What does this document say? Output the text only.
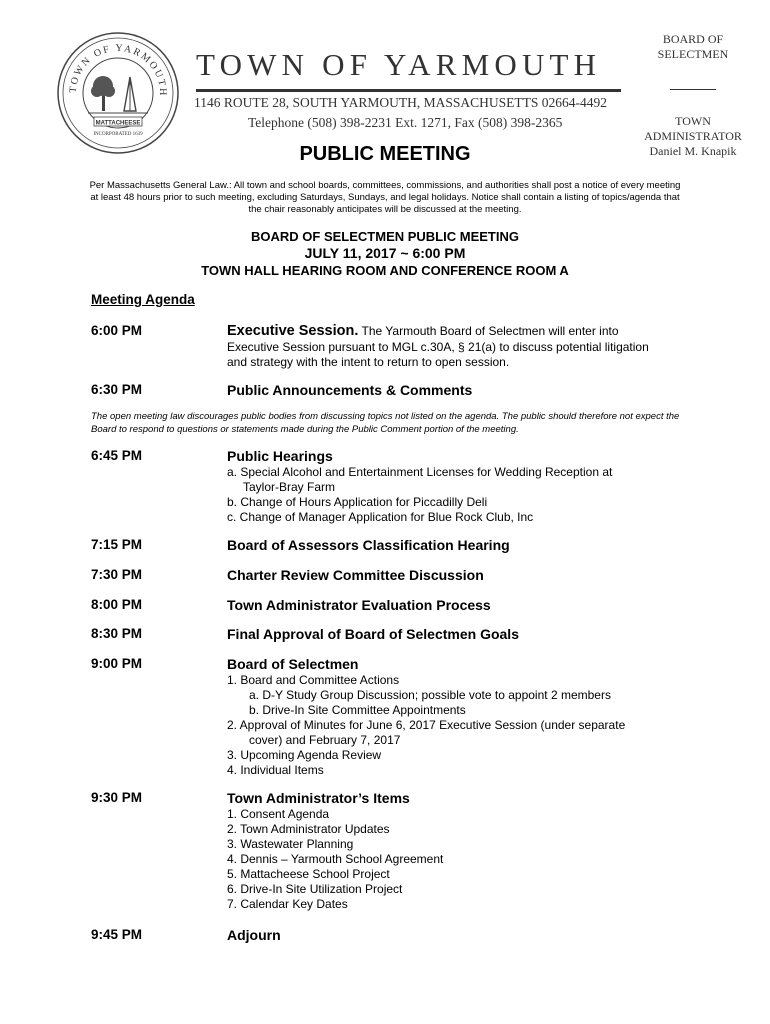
TOWN OF YARMOUTH
MATTACHEESE
INCORPORATED 1639
TOWN OF YARMOUTH
1146 ROUTE 28, SOUTH YARMOUTH, MASSACHUSETTS 02664-4492
Telephone (508) 398-2231 Ext. 1271, Fax (508) 398-2365
BOARD OF
SELECTMEN
TOWN
ADMINISTRATOR
Daniel M. Knapik
PUBLIC MEETING
Per Massachusetts General Law.: All town and school boards, committees, commissions, and authorities shall post a notice of every meeting at least 48 hours prior to such meeting, excluding Saturdays, Sundays, and legal holidays. Notice shall contain a listing of topics/agenda that the chair reasonably anticipates will be discussed at the meeting.
BOARD OF SELECTMEN PUBLIC MEETING
JULY 11, 2017 ~ 6:00 PM
TOWN HALL HEARING ROOM AND CONFERENCE ROOM A
Meeting Agenda
6:00 PM	Executive Session. The Yarmouth Board of Selectmen will enter into
Executive Session pursuant to MGL c.30A, § 21(a) to discuss potential litigation
and strategy with the intent to return to open session.
6:30 PM	Public Announcements & Comments
The open meeting law discourages public bodies from discussing topics not listed on the agenda. The public should therefore not expect the Board to respond to questions or statements made during the Public Comment portion of the meeting.
6:45 PM	Public Hearings
a. Special Alcohol and Entertainment Licenses for Wedding Reception at
Taylor-Bray Farm
b. Change of Hours Application for Piccadilly Deli
c. Change of Manager Application for Blue Rock Club, Inc
7:15 PM	Board of Assessors Classification Hearing
7:30 PM	Charter Review Committee Discussion
8:00 PM	Town Administrator Evaluation Process
8:30 PM	Final Approval of Board of Selectmen Goals
9:00 PM	Board of Selectmen
1. Board and Committee Actions
a. D-Y Study Group Discussion; possible vote to appoint 2 members
b. Drive-In Site Committee Appointments
2. Approval of Minutes for June 6, 2017 Executive Session (under separate
cover) and February 7, 2017
3. Upcoming Agenda Review
4. Individual Items
9:30 PM	Town Administrator’s Items
1. Consent Agenda
2. Town Administrator Updates
3. Wastewater Planning
4. Dennis – Yarmouth School Agreement
5. Mattacheese School Project
6. Drive-In Site Utilization Project
7. Calendar Key Dates
9:45 PM	Adjourn
